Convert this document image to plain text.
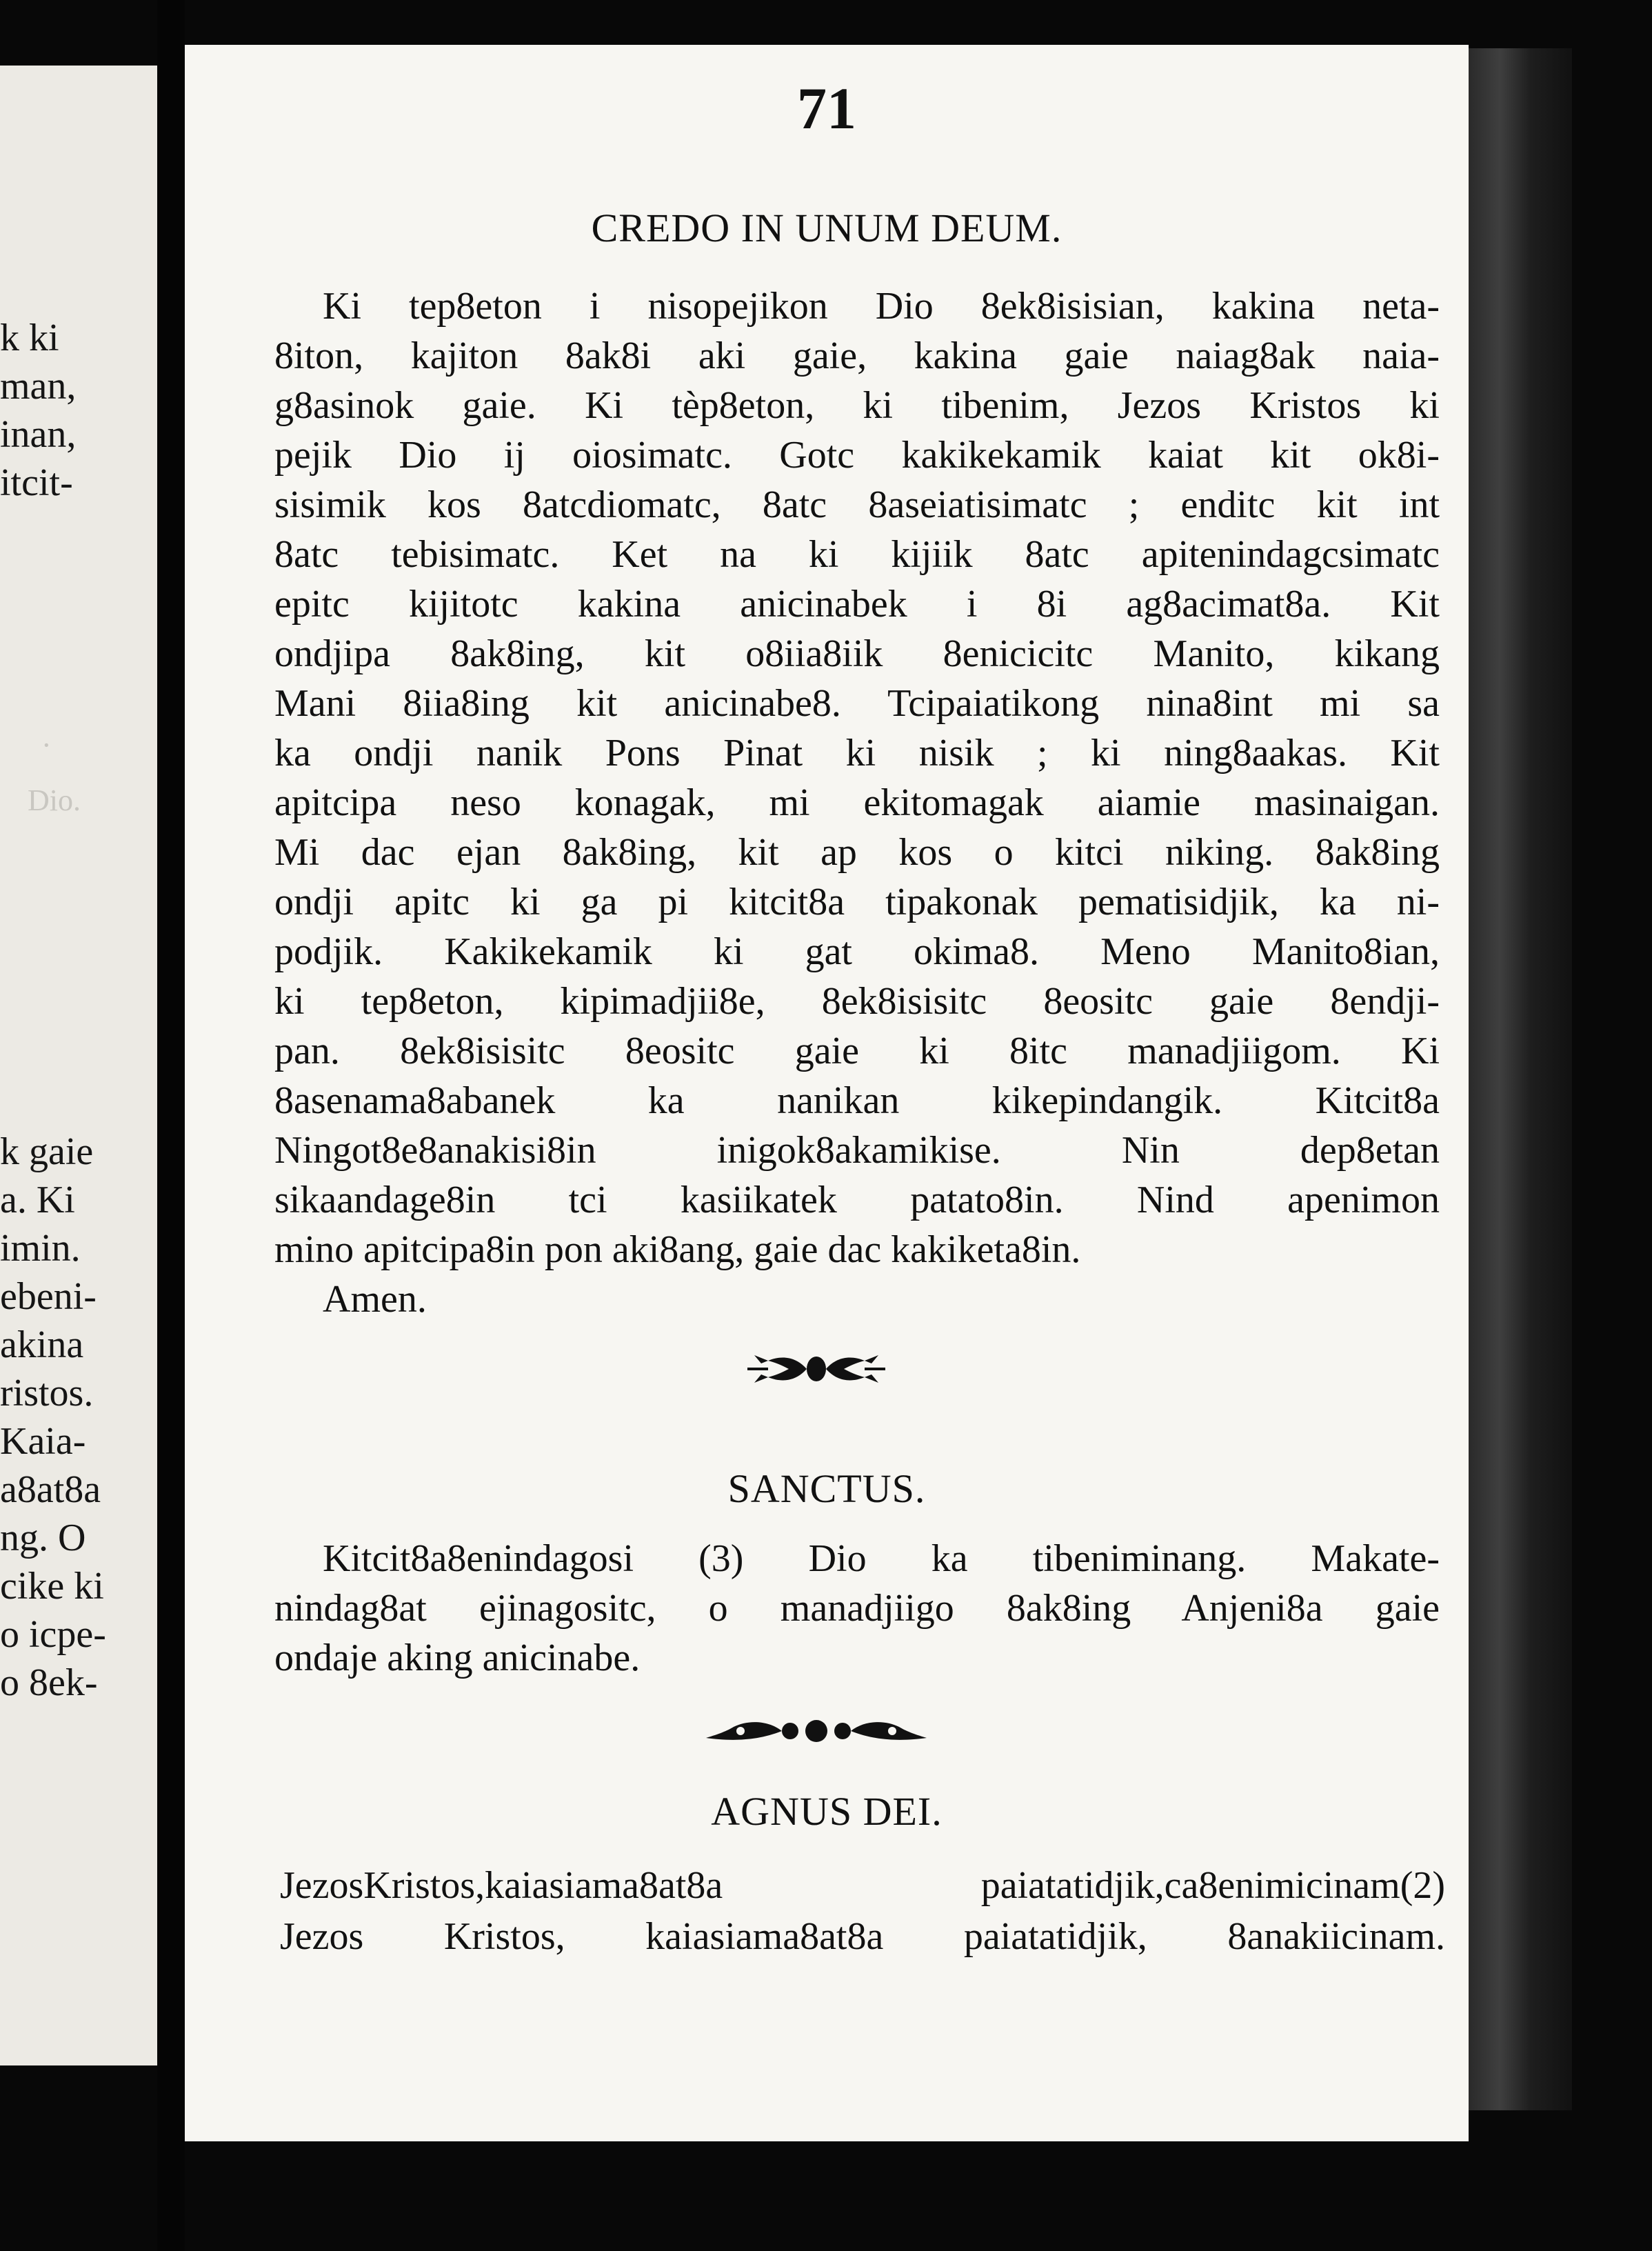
Dio.
·
k ki
man,
inan,
itcit-
k gaie
a. Ki
imin.
ebeni-
akina
ristos.
Kaia-
a8at8a
ng. O
cike ki
o icpe-
o 8ek-
71
CREDO IN UNUM DEUM.
Ki tep8eton i nisopejikon Dio 8ek8isisian, kakina neta-
8iton, kajiton 8ak8i aki gaie, kakina gaie naiag8ak naia-
g8asinok gaie. Ki tèp8eton, ki tibenim, Jezos Kristos ki
pejik Dio ij oiosimatc. Gotc kakikekamik kaiat kit ok8i-
sisimik kos 8atcdiomatc, 8atc 8aseiatisimatc ; enditc kit int
8atc tebisimatc. Ket na ki kijiik 8atc apitenindagcsimatc
epitc kijitotc kakina anicinabek i 8i ag8acimat8a. Kit
ondjipa 8ak8ing, kit o8iia8iik 8enicicitc Manito, kikang
Mani 8iia8ing kit anicinabe8. Tcipaiatikong nina8int mi sa
ka ondji nanik Pons Pinat ki nisik ; ki ning8aakas. Kit
apitcipa neso konagak, mi ekitomagak aiamie masinaigan.
Mi dac ejan 8ak8ing, kit ap kos o kitci niking. 8ak8ing
ondji apitc ki ga pi kitcit8a tipakonak pematisidjik, ka ni-
podjik. Kakikekamik ki gat okima8. Meno Manito8ian,
ki tep8eton, kipimadjii8e, 8ek8isisitc 8eositc gaie 8endji-
pan. 8ek8isisitc 8eositc gaie ki 8itc manadjiigom. Ki
8asenama8abanek ka nanikan kikepindangik. Kitcit8a
Ningot8e8anakisi8in inigok8akamikise. Nin dep8etan
sikaandage8in tci kasiikatek patato8in. Nind apenimon
mino apitcipa8in pon aki8ang, gaie dac kakiketa8in.
Amen.
SANCTUS.
Kitcit8a8enindagosi (3) Dio ka tibeniminang. Makate-
nindag8at ejinagositc, o manadjiigo 8ak8ing Anjeni8a gaie
ondaje aking anicinabe.
AGNUS DEI.
JezosKristos,kaiasiama8at8a paiatatidjik,ca8enimicinam(2)
Jezos Kristos, kaiasiama8at8a paiatatidjik, 8anakiicinam.
